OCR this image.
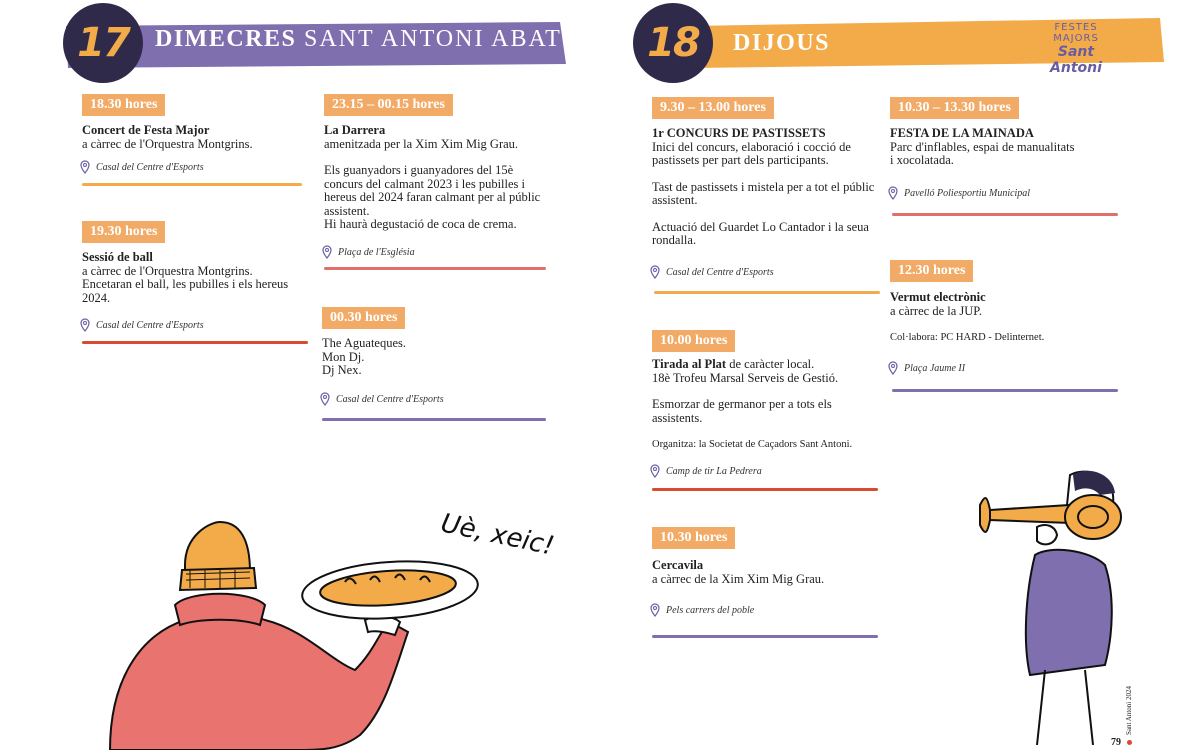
17	DIMECRES SANT ANTONI ABAT
18.30 hores
Concert de Festa Major
a càrrec de l'Orquestra Montgrins.
Casal del Centre d'Esports
19.30 hores
Sessió de ball
a càrrec de l'Orquestra Montgrins.
Encetaran el ball, les pubilles i els hereus 2024.
Casal del Centre d'Esports
23.15 – 00.15 hores

La Darrera
amenitzada per la Xim Xim Mig Grau.

Els guanyadors i guanyadores del 15è concurs del calmant 2023 i les pubilles i hereus del 2024 faran calmant per al públic assistent.
Hi haurà degustació de coca de crema.

Plaça de l'Església
00.30 hores
The Aguateques.
Mon Dj.
Dj Nex.
Casal del Centre d'Esports
Uè, xeic!
18	DIJOUS
FESTES MAJORS
Sant Antoni
9.30 – 13.00 hores

1r CONCURS DE PASTISSETS
Inici del concurs, elaboració i cocció de pastissets per part dels participants.

Tast de pastissets i mistela per a tot el públic assistent.

Actuació del Guardet Lo Cantador i la seua rondalla.

Casal del Centre d'Esports
10.00 hores

Tirada al Plat de caràcter local.
18è Trofeu Marsal Serveis de Gestió.

Esmorzar de germanor per a tots els assistents.

Organitza: la Societat de Caçadors Sant Antoni.

Camp de tir La Pedrera
10.30 hores
Cercavila
a càrrec de la Xim Xim Mig Grau.
Pels carrers del poble
10.30 – 13.30 hores
FESTA DE LA MAINADA
Parc d'inflables, espai de manualitats i xocolatada.
Pavelló Poliesportiu Municipal
12.30 hores

Vermut electrònic
a càrrec de la JUP.

Col·labora: PC HARD - Delinternet.

Plaça Jaume II
Sant Antoni 2024
79
